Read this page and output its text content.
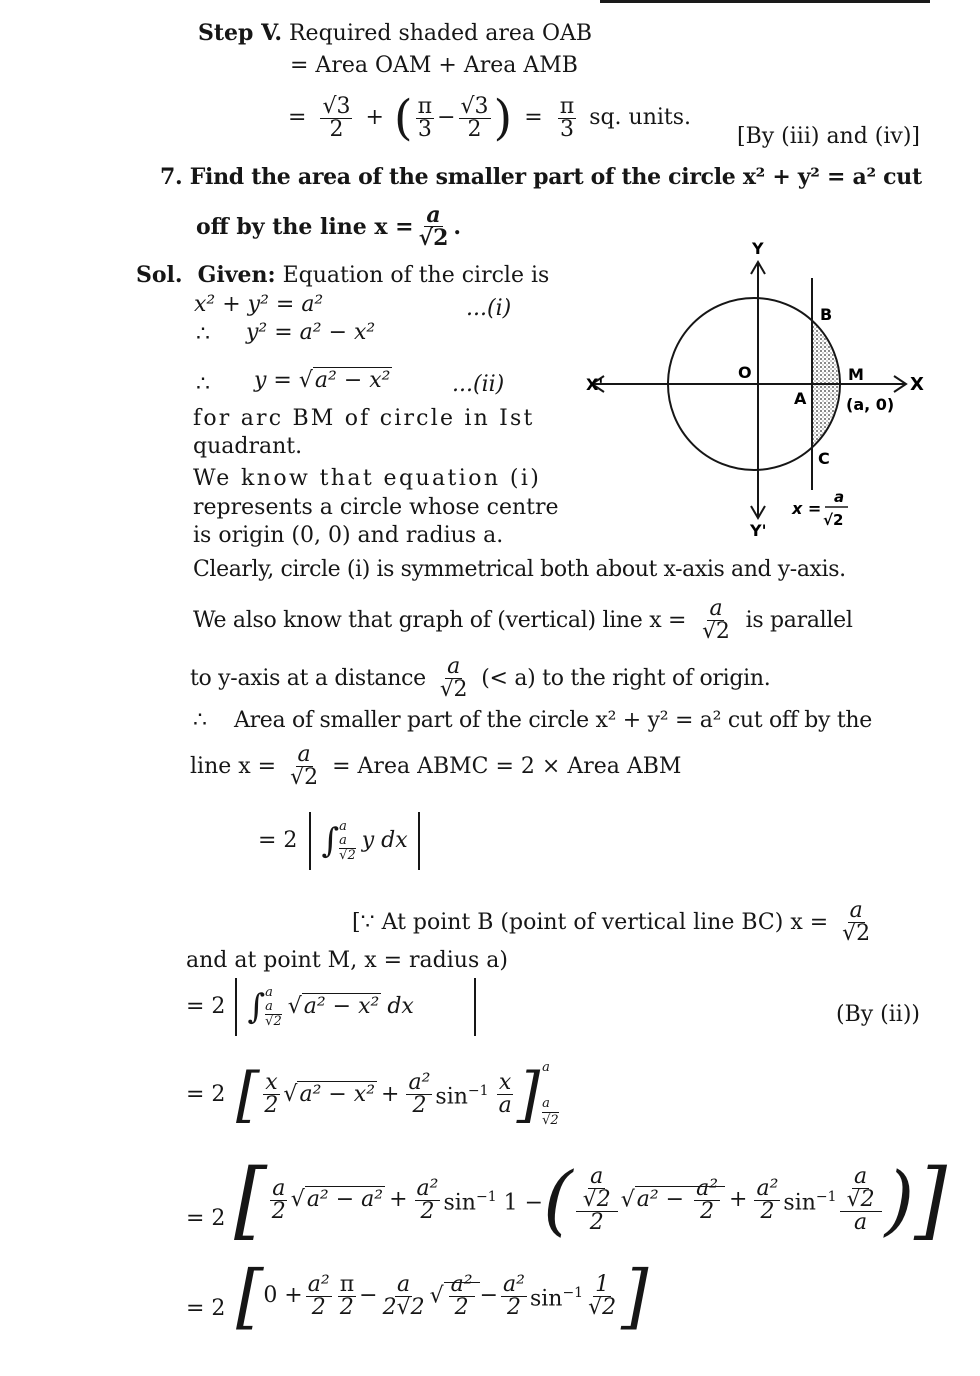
Step V. Required shaded area OAB
= Area OAM + Area AMB
= $\frac{√3}{2}$ + ( $\frac{\pi}{3} - \frac{√3}{2}$ ) = $\frac{\pi}{3}$ sq. units.
[By (iii) and (iv)]
7. Find the area of the smaller part of the circle x² + y² = a² cut
off by the line $x = \frac{a}{√2}$ .
Sol. Given: Equation of the circle is
x² + y² = a²	...(i)
∴ y² = a² − x²
∴ y = √a² − x²	...(ii)
for arc BM of circle in Ist
quadrant.
We know that equation (i)
represents a circle whose centre
is origin (0, 0) and radius a.
Clearly, circle (i) is symmetrical both about x-axis and y-axis.
We also know that graph of (vertical) line $x = \frac{a}{√2}$ is parallel
to y-axis at a distance $\frac{a}{√2}$ (< a) to the right of origin.
∴ Area of smaller part of the circle x² + y² = a² cut off by the
line $x = \frac{a}{√2}$ = Area ABMC = 2 × Area ABM
= 2 ∫ a
a
√2
y dx
[∵ At point B (point of vertical line BC) $x = \frac{a}{√2}$
and at point M, x = radius a)
= 2 ∫ a
a
√2
√a² − x² dx	(By (ii))
= 2 [ $\frac{x}{2} √a^2 - x^2 + \frac{\text{a²}}{2} \sin^{-1} \frac{x}{a}$ ] a
a
√2
= 2 [ $\frac{a}{2} √a^2 - a^2 + \frac{\text{a²}}{2} \sin^{-1} 1$ − ( $\frac{\frac{a}{√2}}{2} √a^2 - \frac{\text{a²}}{2} + \frac{\text{a²}}{2} \sin^{-1} \frac{\frac{a}{√2}}{a}$ ) ]
= 2 [ $0 + \frac{\text{a²}}{2} \frac{\pi}{2} - \frac{a}{2√2}$ √ $\frac{\text{a²}}{2} - \frac{\text{a²}}{2} \sin^{-1} \frac{1}{√2}$ ]
Y
Y'
X
X'
O
A
B
C
M
(a, 0)
x =
a
√2
